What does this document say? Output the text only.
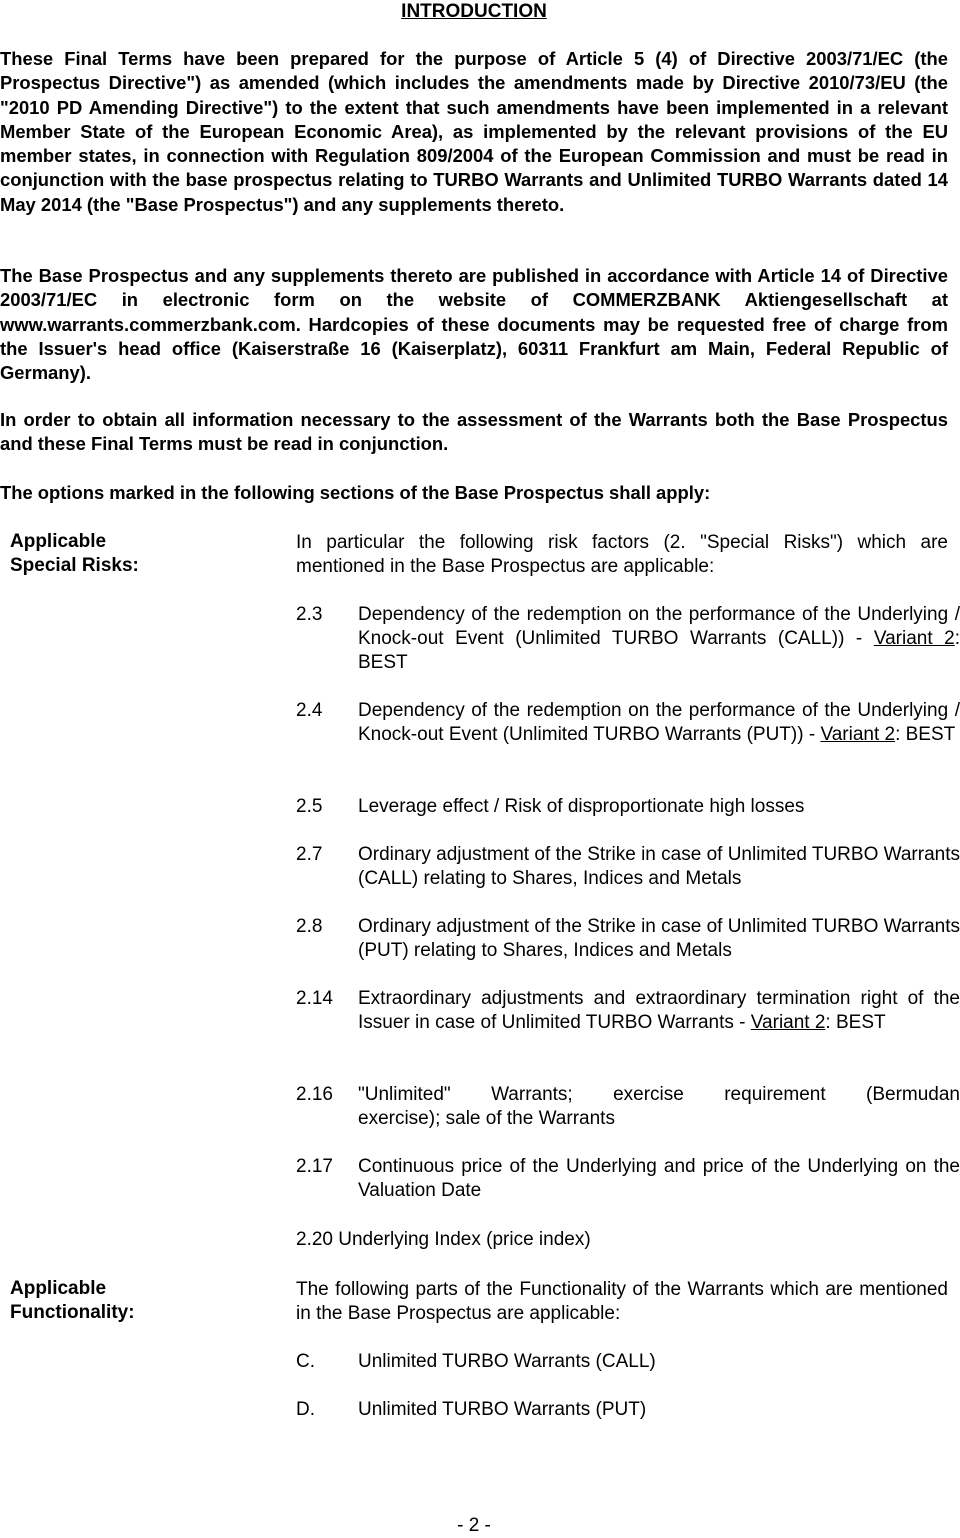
INTRODUCTION
These Final Terms have been prepared for the purpose of Article 5 (4) of Directive 2003/71/EC (the Prospectus Directive") as amended (which includes the amendments made by Directive 2010/73/EU (the "2010 PD Amending Directive") to the extent that such amendments have been implemented in a relevant Member State of the European Economic Area), as implemented by the relevant provisions of the EU member states, in connection with Regulation 809/2004 of the European Commission and must be read in conjunction with the base prospectus relating to TURBO Warrants and Unlimited TURBO Warrants dated 14 May 2014 (the "Base Prospectus") and any supplements thereto.
The Base Prospectus and any supplements thereto are published in accordance with Article 14 of Directive 2003/71/EC in electronic form on the website of COMMERZBANK Aktiengesellschaft at www.warrants.commerzbank.com. Hardcopies of these documents may be requested free of charge from the Issuer's head office (Kaiserstraße 16 (Kaiserplatz), 60311 Frankfurt am Main, Federal Republic of Germany).
In order to obtain all information necessary to the assessment of the Warrants both the Base Prospectus and these Final Terms must be read in conjunction.
The options marked in the following sections of the Base Prospectus shall apply:
Applicable
Special Risks:
In particular the following risk factors (2. "Special Risks") which are mentioned in the Base Prospectus are applicable:
2.3 Dependency of the redemption on the performance of the Underlying / Knock-out Event (Unlimited TURBO Warrants (CALL)) - Variant 2: BEST
2.4 Dependency of the redemption on the performance of the Underlying / Knock-out Event (Unlimited TURBO Warrants (PUT)) - Variant 2: BEST
2.5 Leverage effect / Risk of disproportionate high losses
2.7 Ordinary adjustment of the Strike in case of Unlimited TURBO Warrants (CALL) relating to Shares, Indices and Metals
2.8 Ordinary adjustment of the Strike in case of Unlimited TURBO Warrants (PUT) relating to Shares, Indices and Metals
2.14 Extraordinary adjustments and extraordinary termination right of the Issuer in case of Unlimited TURBO Warrants - Variant 2: BEST
2.16 "Unlimited" Warrants; exercise requirement (Bermudan
exercise); sale of the Warrants
2.17 Continuous price of the Underlying and price of the Underlying on the Valuation Date
2.20 Underlying Index (price index)
Applicable
Functionality:
The following parts of the Functionality of the Warrants which are mentioned in the Base Prospectus are applicable:
C. Unlimited TURBO Warrants (CALL)
D. Unlimited TURBO Warrants (PUT)
- 2 -
